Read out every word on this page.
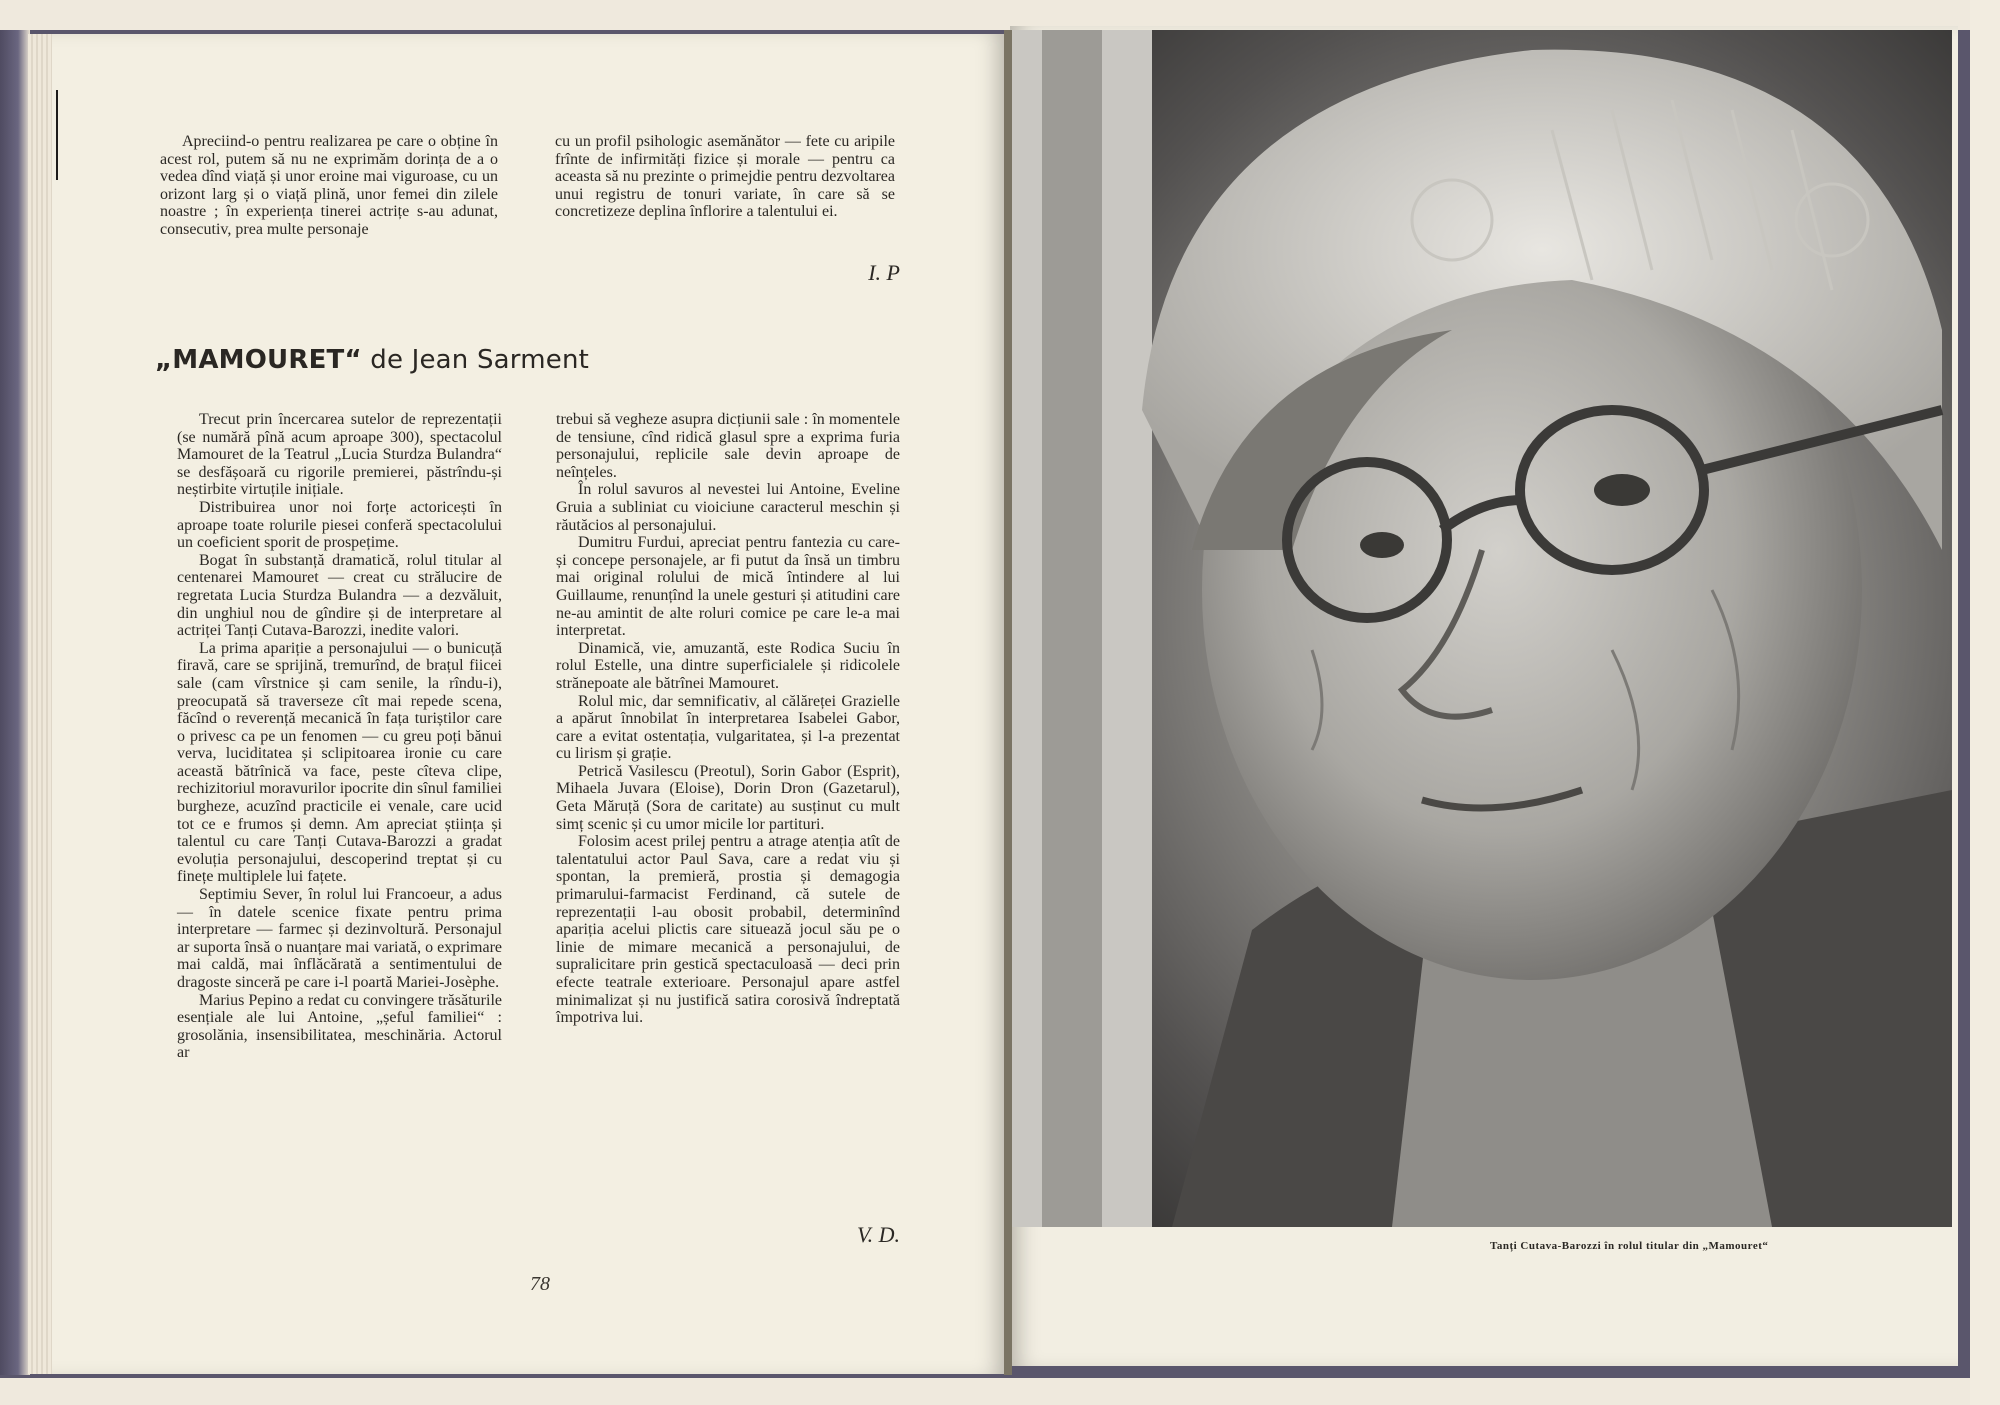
Apreciind-o pentru realizarea pe care o obține în acest rol, putem să nu ne exprimăm dorința de a o vedea dînd viață și unor eroine mai viguroase, cu un orizont larg și o viață plină, unor femei din zilele noastre ; în experiența tinerei actrițe s-au adunat, consecutiv, prea multe personaje

cu un profil psihologic asemănător — fete cu aripile frînte de infirmități fizice și morale — pentru ca aceasta să nu prezinte o primejdie pentru dezvoltarea unui registru de tonuri variate, în care să se concretizeze deplina înflorire a talentului ei.

I. P
„MAMOURET“ de Jean Sarment

Trecut prin încercarea sutelor de reprezentații (se numără pînă acum aproape 300), spectacolul Mamouret de la Teatrul „Lucia Sturdza Bulandra“ se desfășoară cu rigorile premierei, păstrîndu-și neștirbite virtuțile inițiale.

Distribuirea unor noi forțe actoricești în aproape toate rolurile piesei conferă spectacolului un coeficient sporit de prospețime.

Bogat în substanță dramatică, rolul titular al centenarei Mamouret — creat cu strălucire de regretata Lucia Sturdza Bulandra — a dezvăluit, din unghiul nou de gîndire și de interpretare al actriței Tanți Cutava-Barozzi, inedite valori.

La prima apariție a personajului — o bunicuță firavă, care se sprijină, tremurînd, de brațul fiicei sale (cam vîrstnice și cam senile, la rîndu-i), preocupată să traverseze cît mai repede scena, făcînd o reverență mecanică în fața turiștilor care o privesc ca pe un fenomen — cu greu poți bănui verva, luciditatea și sclipitoarea ironie cu care această bătrînică va face, peste cîteva clipe, rechizitoriul moravurilor ipocrite din sînul familiei burgheze, acuzînd practicile ei venale, care ucid tot ce e frumos și demn. Am apreciat știința și talentul cu care Tanți Cutava-Barozzi a gradat evoluția personajului, descoperind treptat și cu finețe multiplele lui fațete.

Septimiu Sever, în rolul lui Francoeur, a adus — în datele scenice fixate pentru prima interpretare — farmec și dezinvoltură. Personajul ar suporta însă o nuanțare mai variată, o exprimare mai caldă, mai înflăcărată a sentimentului de dragoste sinceră pe care i-l poartă Mariei-Josèphe.

Marius Pepino a redat cu convingere trăsăturile esențiale ale lui Antoine, „șeful familiei“ : grosolănia, insensibilitatea, meschinăria. Actorul ar

trebui să vegheze asupra dicțiunii sale : în momentele de tensiune, cînd ridică glasul spre a exprima furia personajului, replicile sale devin aproape de neînțeles.

În rolul savuros al nevestei lui Antoine, Eveline Gruia a subliniat cu vioiciune caracterul meschin și răutăcios al personajului.

Dumitru Furdui, apreciat pentru fantezia cu care-și concepe personajele, ar fi putut da însă un timbru mai original rolului de mică întindere al lui Guillaume, renunțînd la unele gesturi și atitudini care ne-au amintit de alte roluri comice pe care le-a mai interpretat.

Dinamică, vie, amuzantă, este Rodica Suciu în rolul Estelle, una dintre superficialele și ridicolele strănepoate ale bătrînei Mamouret.

Rolul mic, dar semnificativ, al călăreței Grazielle a apărut înnobilat în interpretarea Isabelei Gabor, care a evitat ostentația, vulgaritatea, și l-a prezentat cu lirism și grație.

Petrică Vasilescu (Preotul), Sorin Gabor (Esprit), Mihaela Juvara (Eloise), Dorin Dron (Gazetarul), Geta Măruță (Sora de caritate) au susținut cu mult simț scenic și cu umor micile lor partituri.

Folosim acest prilej pentru a atrage atenția atît de talentatului actor Paul Sava, care a redat viu și spontan, la premieră, prostia și demagogia primarului-farmacist Ferdinand, că sutele de reprezentații l-au obosit probabil, determinînd apariția acelui plictis care situează jocul său pe o linie de mimare mecanică a personajului, de supralicitare prin gestică spectaculoasă — deci prin efecte teatrale exterioare. Personajul apare astfel minimalizat și nu justifică satira corosivă îndreptată împotriva lui.

V. D.
78
Tanți Cutava-Barozzi în rolul titular din „Mamouret“
